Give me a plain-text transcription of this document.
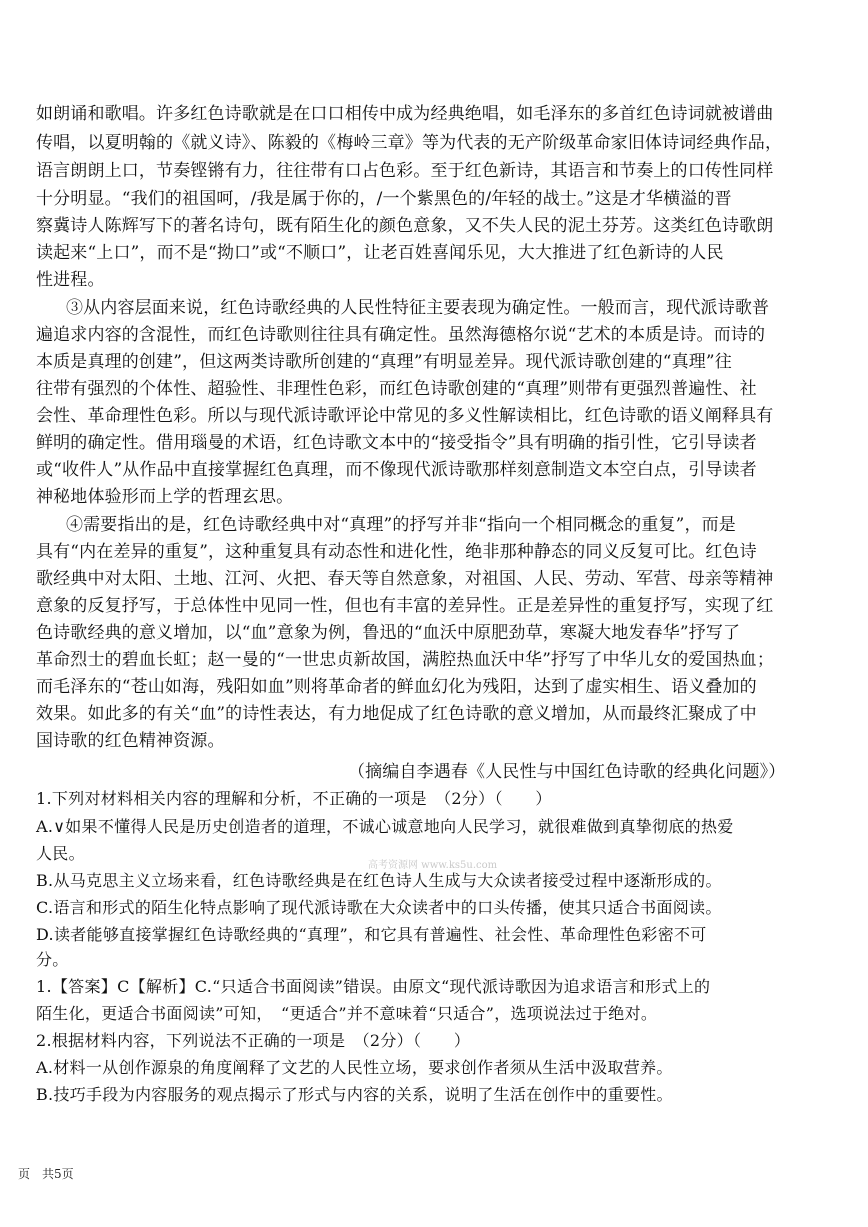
如朗诵和歌唱。许多红色诗歌就是在口口相传中成为经典绝唱，如毛泽东的多首红色诗词就被谱曲
传唱，以夏明翰的《就义诗》、陈毅的《梅岭三章》等为代表的无产阶级革命家旧体诗词经典作品，
语言朗朗上口，节奏铿锵有力，往往带有口占色彩。至于红色新诗，其语言和节奏上的口传性同样
十分明显。“我们的祖国呵，/我是属于你的，/一个紫黑色的/年轻的战士。”这是才华横溢的晋
察冀诗人陈辉写下的著名诗句，既有陌生化的颜色意象，又不失人民的泥土芬芳。这类红色诗歌朗
读起来“上口”，而不是“拗口”或“不顺口”，让老百姓喜闻乐见，大大推进了红色新诗的人民
性进程。
③从内容层面来说，红色诗歌经典的人民性特征主要表现为确定性。一般而言，现代派诗歌普
遍追求内容的含混性，而红色诗歌则往往具有确定性。虽然海德格尔说“艺术的本质是诗。而诗的
本质是真理的创建”，但这两类诗歌所创建的“真理”有明显差异。现代派诗歌创建的“真理”往
往带有强烈的个体性、超验性、非理性色彩，而红色诗歌创建的“真理”则带有更强烈普遍性、社
会性、革命理性色彩。所以与现代派诗歌评论中常见的多义性解读相比，红色诗歌的语义阐释具有
鲜明的确定性。借用瑙曼的术语，红色诗歌文本中的“接受指令”具有明确的指引性，它引导读者
或“收件人”从作品中直接掌握红色真理，而不像现代派诗歌那样刻意制造文本空白点，引导读者
神秘地体验形而上学的哲理玄思。
④需要指出的是，红色诗歌经典中对“真理”的抒写并非“指向一个相同概念的重复”，而是
具有“内在差异的重复”，这种重复具有动态性和进化性，绝非那种静态的同义反复可比。红色诗
歌经典中对太阳、土地、江河、火把、春天等自然意象，对祖国、人民、劳动、军营、母亲等精神
意象的反复抒写，于总体性中见同一性，但也有丰富的差异性。正是差异性的重复抒写，实现了红
色诗歌经典的意义增加，以“血”意象为例，鲁迅的“血沃中原肥劲草，寒凝大地发春华”抒写了
革命烈士的碧血长虹；赵一曼的“一世忠贞新故国，满腔热血沃中华”抒写了中华儿女的爱国热血；
而毛泽东的“苍山如海，残阳如血”则将革命者的鲜血幻化为残阳，达到了虚实相生、语义叠加的
效果。如此多的有关“血”的诗性表达，有力地促成了红色诗歌的意义增加，从而最终汇聚成了中
国诗歌的红色精神资源。
（摘编自李遇春《人民性与中国红色诗歌的经典化问题》）
1.下列对材料相关内容的理解和分析，不正确的一项是　（2分）（　　）
A.∨如果不懂得人民是历史创造者的道理，不诚心诚意地向人民学习，就很难做到真挚彻底的热爱
人民。
B.从马克思主义立场来看，红色诗歌经典是在红色诗人生成与大众读者接受过程中逐渐形成的。
C.语言和形式的陌生化特点影响了现代派诗歌在大众读者中的口头传播，使其只适合书面阅读。
D.读者能够直接掌握红色诗歌经典的“真理”，和它具有普遍性、社会性、革命理性色彩密不可
分。
1.【答案】C【解析】C.“只适合书面阅读”错误。由原文“现代派诗歌因为追求语言和形式上的
陌生化，更适合书面阅读”可知，　“更适合”并不意味着“只适合”，选项说法过于绝对。
2.根据材料内容，下列说法不正确的一项是　（2分）（　　）
A.材料一从创作源泉的角度阐释了文艺的人民性立场，要求创作者须从生活中汲取营养。
B.技巧手段为内容服务的观点揭示了形式与内容的关系，说明了生活在创作中的重要性。
高考资源网 www.ks5u.com
页　共5页
